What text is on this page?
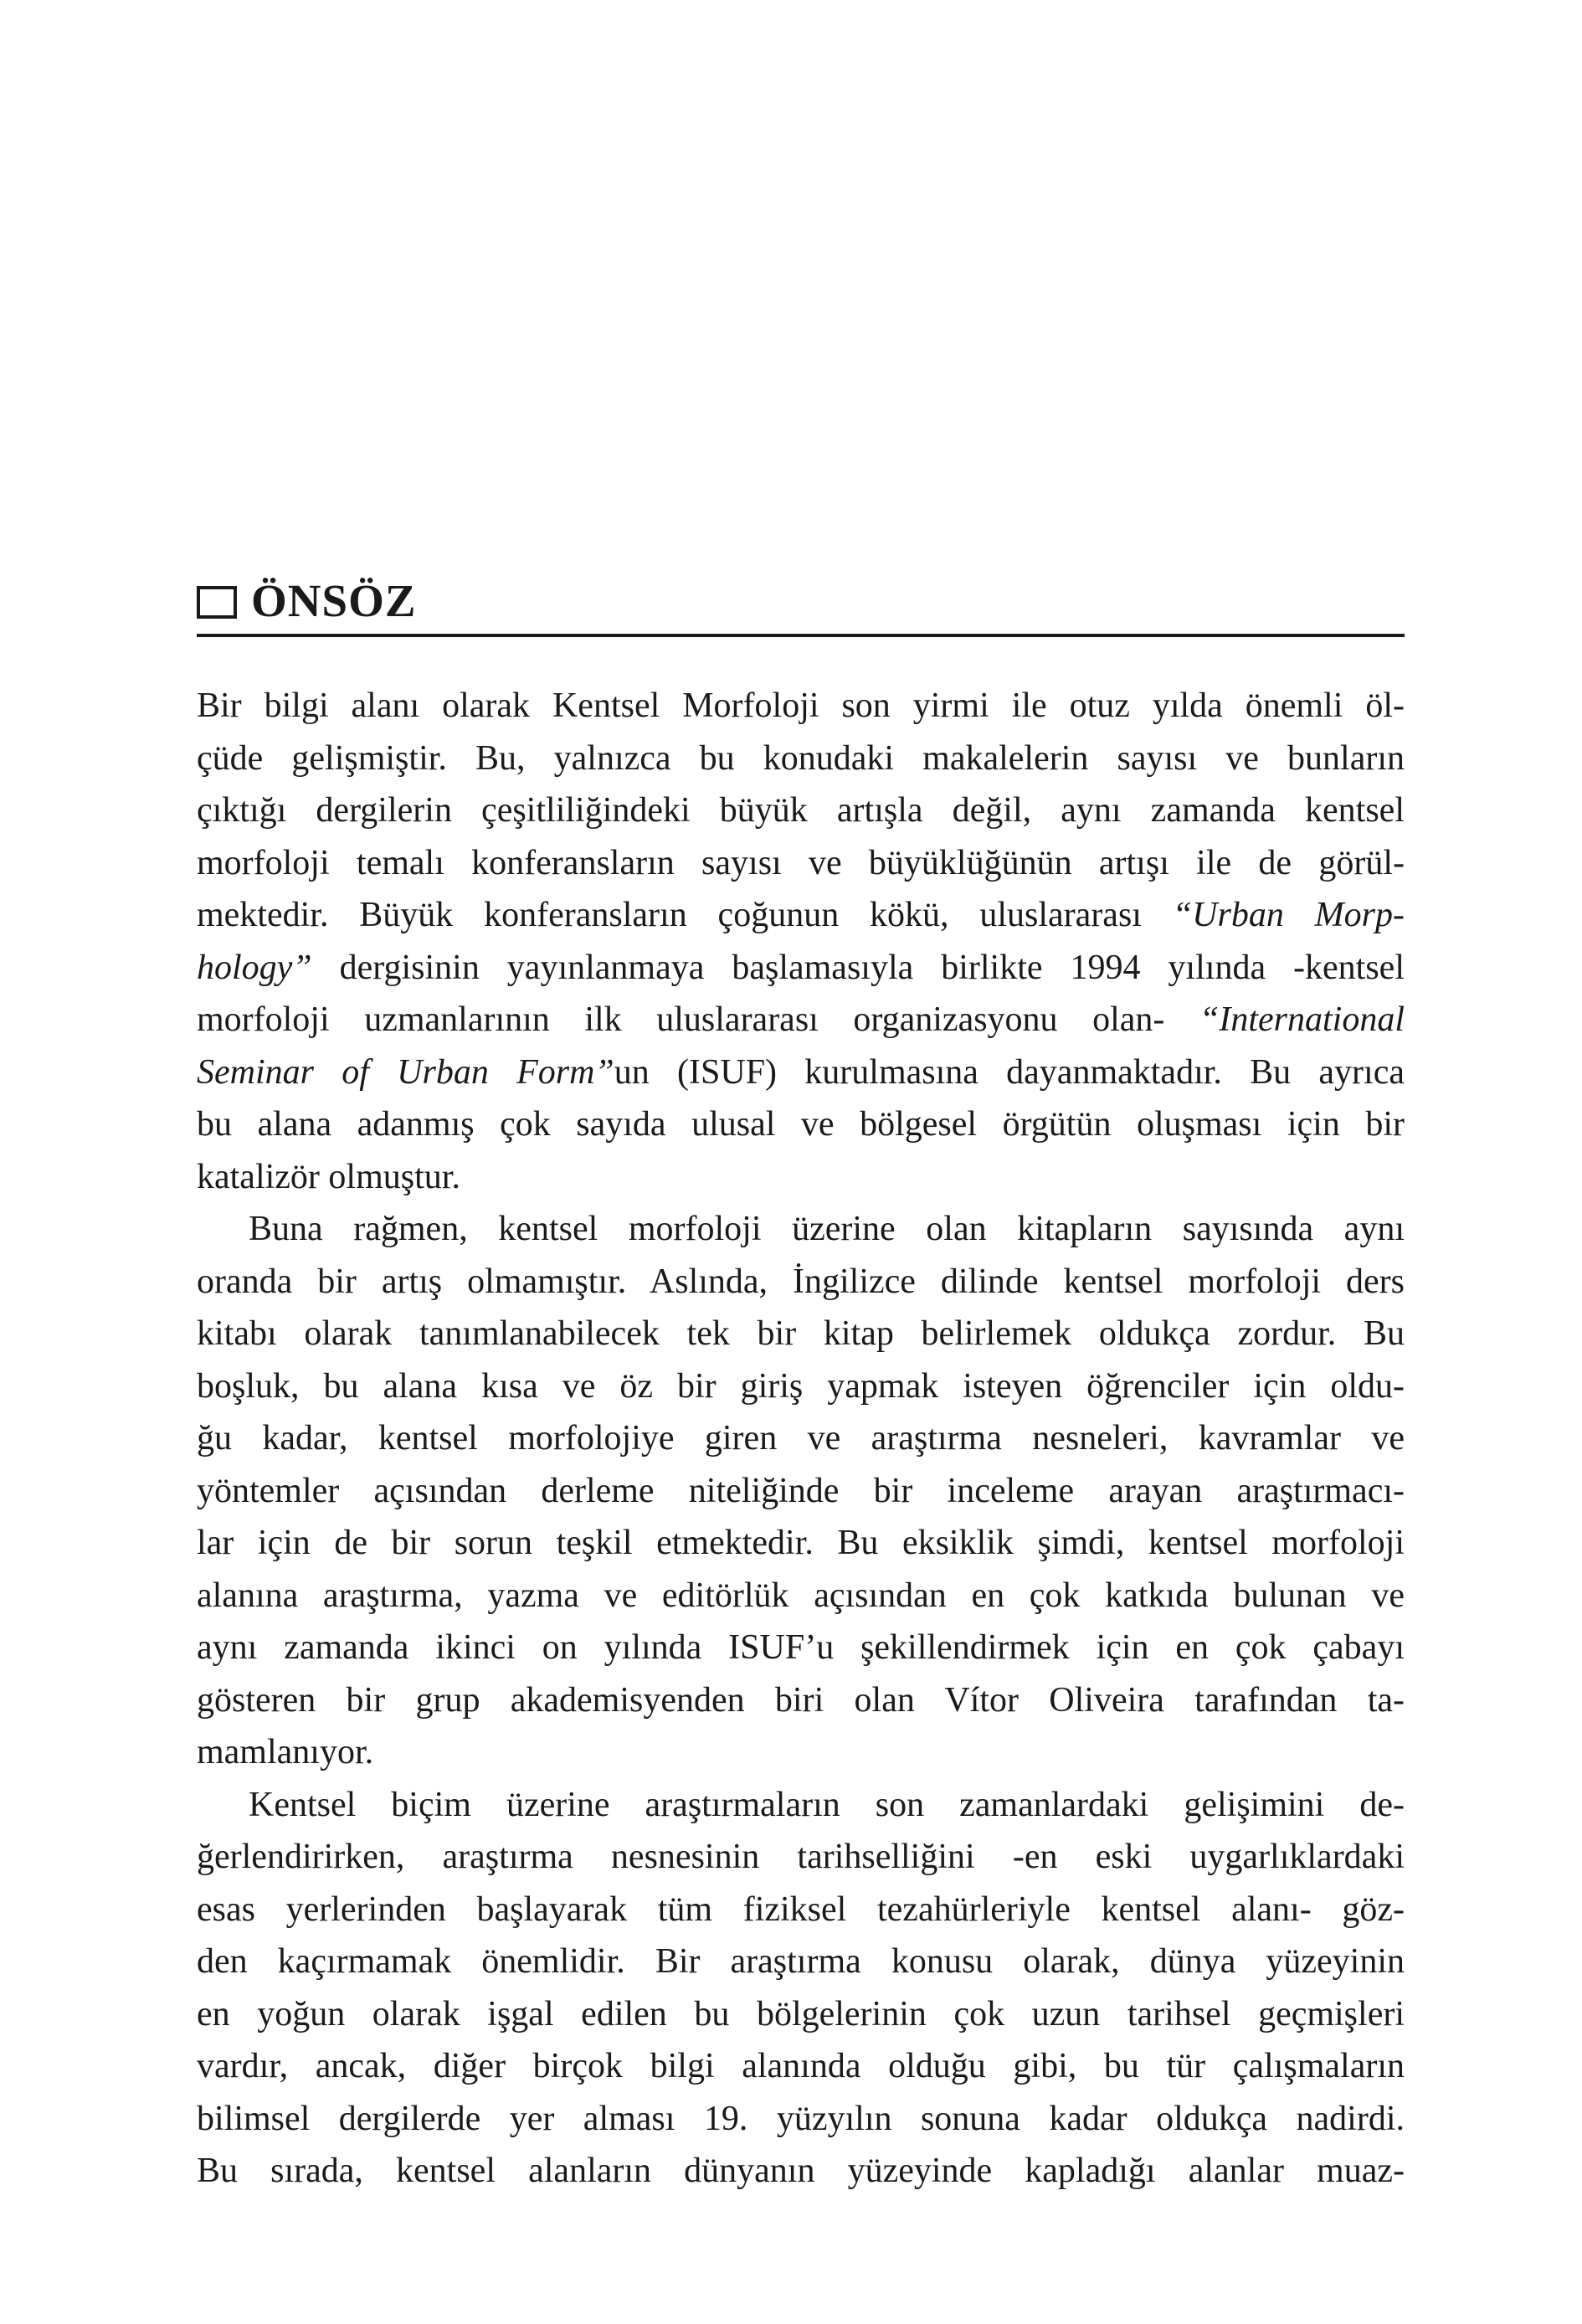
ÖNSÖZ
Bir bilgi alanı olarak Kentsel Morfoloji son yirmi ile otuz yılda önemli öl-
çüde gelişmiştir. Bu, yalnızca bu konudaki makalelerin sayısı ve bunların
çıktığı dergilerin çeşitliliğindeki büyük artışla değil, aynı zamanda kentsel
morfoloji temalı konferansların sayısı ve büyüklüğünün artışı ile de görül-
mektedir. Büyük konferansların çoğunun kökü, uluslararası “Urban Morp-
hology” dergisinin yayınlanmaya başlamasıyla birlikte 1994 yılında -kentsel
morfoloji uzmanlarının ilk uluslararası organizasyonu olan- “International
Seminar of Urban Form”un (ISUF) kurulmasına dayanmaktadır. Bu ayrıca
bu alana adanmış çok sayıda ulusal ve bölgesel örgütün oluşması için bir
katalizör olmuştur.
Buna rağmen, kentsel morfoloji üzerine olan kitapların sayısında aynı
oranda bir artış olmamıştır. Aslında, İngilizce dilinde kentsel morfoloji ders
kitabı olarak tanımlanabilecek tek bir kitap belirlemek oldukça zordur. Bu
boşluk, bu alana kısa ve öz bir giriş yapmak isteyen öğrenciler için oldu-
ğu kadar, kentsel morfolojiye giren ve araştırma nesneleri, kavramlar ve
yöntemler açısından derleme niteliğinde bir inceleme arayan araştırmacı-
lar için de bir sorun teşkil etmektedir. Bu eksiklik şimdi, kentsel morfoloji
alanına araştırma, yazma ve editörlük açısından en çok katkıda bulunan ve
aynı zamanda ikinci on yılında ISUF’u şekillendirmek için en çok çabayı
gösteren bir grup akademisyenden biri olan Vítor Oliveira tarafından ta-
mamlanıyor.
Kentsel biçim üzerine araştırmaların son zamanlardaki gelişimini de-
ğerlendirirken, araştırma nesnesinin tarihselliğini -en eski uygarlıklardaki
esas yerlerinden başlayarak tüm fiziksel tezahürleriyle kentsel alanı- göz-
den kaçırmamak önemlidir. Bir araştırma konusu olarak, dünya yüzeyinin
en yoğun olarak işgal edilen bu bölgelerinin çok uzun tarihsel geçmişleri
vardır, ancak, diğer birçok bilgi alanında olduğu gibi, bu tür çalışmaların
bilimsel dergilerde yer alması 19. yüzyılın sonuna kadar oldukça nadirdi.
Bu sırada, kentsel alanların dünyanın yüzeyinde kapladığı alanlar muaz-
